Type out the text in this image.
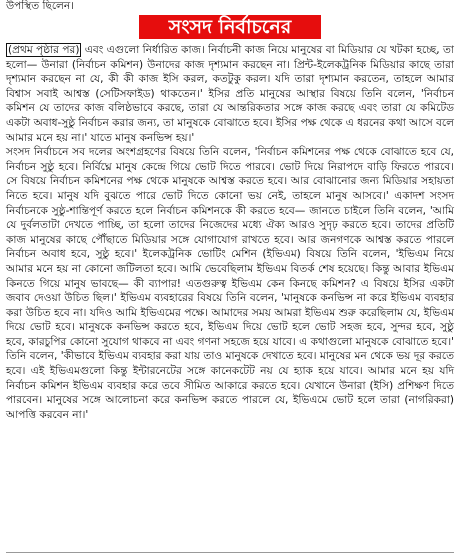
উপস্থিত ছিলেন।
সংসদ নির্বাচনের
(প্রথম পৃষ্ঠার পর) এবং এগুলো নির্ধারিত কাজ। নির্বাচনী কাজ নিয়ে মানুষের বা মিডিয়ার যে খটকা হচ্ছে, তা হলো— উনারা (নির্বাচন কমিশন) উনাদের কাজ দৃশ্যমান করছেন না। প্রিন্ট-ইলেকট্রনিক মিডিয়ার কাছে তারা দৃশ্যমান করছেন না যে, কী কী কাজ ইসি করল, কতটুকু করল। যদি তারা দৃশ্যমান করতেন, তাহলে আমার বিশ্বাস সবাই আশ্বস্ত (সেটিসফাইড) থাকতেন।' ইসির প্রতি মানুষের আস্থার বিষয়ে তিনি বলেন, 'নির্বাচন কমিশন যে তাদের কাজ বলিষ্ঠভাবে করছে, তারা যে আন্তরিকতার সঙ্গে কাজ করছে এবং তারা যে কমিটেড একটা অবাধ-সুষ্ঠু নির্বাচন করার জন্য, তা মানুষকে বোঝাতে হবে। ইসির পক্ষ থেকে এ ধরনের কথা আসে বলে আমার মনে হয় না।' যাতে মানুষ কনভিন্স হয়।'
সংসদ নির্বাচনে সব দলের অংশগ্রহণের বিষয়ে তিনি বলেন, 'নির্বাচন কমিশনের পক্ষ থেকে বোঝাতে হবে যে, নির্বাচন সুষ্ঠু হবে। নির্বিঘ্নে মানুষ কেন্দ্রে গিয়ে ভোট দিতে পারবে। ভোট দিয়ে নিরাপদে বাড়ি ফিরতে পারবে। সে বিষয়ে নির্বাচন কমিশনের পক্ষ থেকে মানুষকে আশ্বস্ত করতে হবে। আর বোঝানোর জন্য মিডিয়ার সহায়তা নিতে হবে। মানুষ যদি বুঝতে পারে ভোট দিতে কোনো ভয় নেই, তাহলে মানুষ আসবে।' একাদশ সংসদ নির্বাচনকে সুষ্ঠু-শান্তিপূর্ণ করতে হলে নির্বাচন কমিশনকে কী করতে হবে— জানতে চাইলে তিনি বলেন, 'আমি যে দুর্বলতাটা দেখতে পাচ্ছি, তা হলো তাদের নিজেদের মধ্যে ঐক্য আরও সুদৃঢ় করতে হবে। তাদের প্রতিটি কাজ মানুষের কাছে পৌঁছাতে মিডিয়ার সঙ্গে যোগাযোগ রাখতে হবে। আর জনগণকে আশ্বস্ত করতে পারলে নির্বাচন অবাধ হবে, সুষ্ঠু হবে।' ইলেকট্রনিক ভোটিং মেশিন (ইভিএম) বিষয়ে তিনি বলেন, 'ইভিএম নিয়ে আমার মনে হয় না কোনো জটিলতা হবে। আমি ভেবেছিলাম ইভিএম বিতর্ক শেষ হয়েছে। কিন্তু আবার ইভিএম কিনতে গিয়ে মানুষ ভাবছে— কী ব্যাপার! এতগুরুত্ব ইভিএম কেন কিনছে কমিশন? এ বিষয়ে ইসির একটা জবাব দেওয়া উচিত ছিল।' ইভিএম ব্যবহারের বিষয়ে তিনি বলেন, 'মানুষকে কনভিন্স না করে ইভিএম ব্যবহার করা উচিত হবে না। যদিও আমি ইভিএমের পক্ষে। আমাদের সময় আমরা ইভিএম শুরু করেছিলাম যে, ইভিএম দিয়ে ভোট হবে। মানুষকে কনভিন্স করতে হবে, ইভিএম দিয়ে ভোট হলে ভোট সহজ হবে, সুন্দর হবে, সুষ্ঠু হবে, কারচুপির কোনো সুযোগ থাকবে না এবং গণনা সহজে হয়ে যাবে। এ কথাগুলো মানুষকে বোঝাতে হবে।' তিনি বলেন, 'কীভাবে ইভিএম ব্যবহার করা যায় তাও মানুষকে দেখাতে হবে। মানুষের মন থেকে ভয় দূর করতে হবে। এই ইভিএমগুলো কিন্তু ইন্টারনেটের সঙ্গে কানেকটেট নয় যে হ্যাক হয়ে যাবে। আমার মনে হয় যদি নির্বাচন কমিশন ইভিএম ব্যবহার করে তবে সীমিত আকারে করতে হবে। যেখানে উনারা (ইসি) প্রশিক্ষণ দিতে পারবেন। মানুষের সঙ্গে আলোচনা করে কনভিন্স করতে পারলে যে, ইভিএমে ভোট হলে তারা (নাগরিকরা) আপত্তি করবেন না।'
